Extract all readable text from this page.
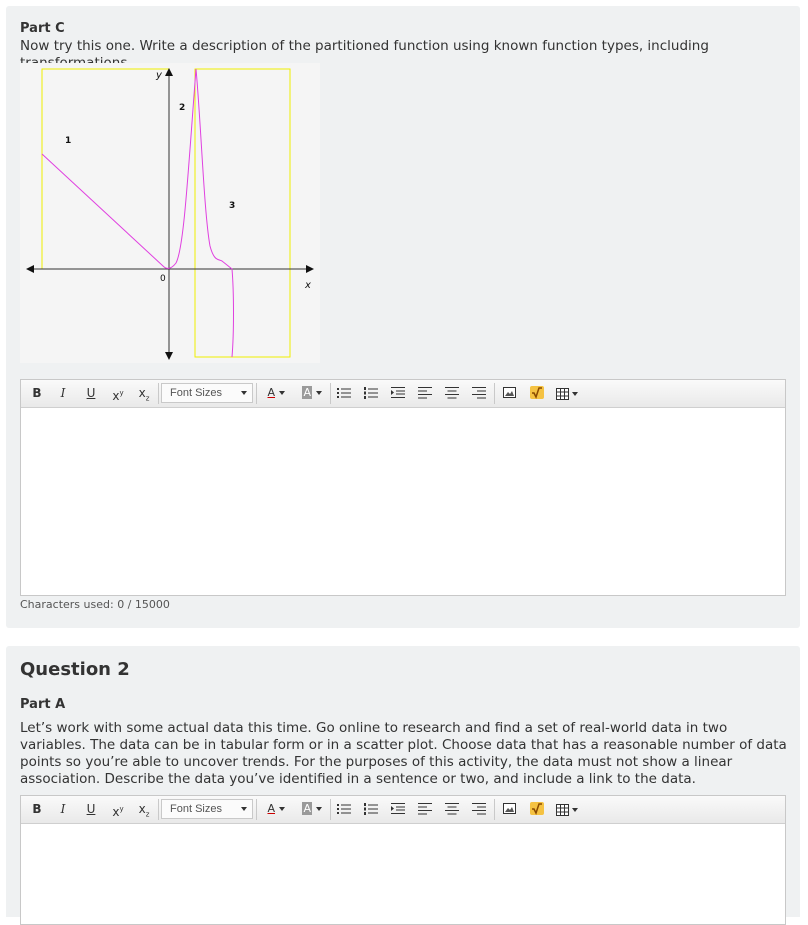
Part C
Now try this one. Write a description of the partitioned function using known function types, including
y
x
0
1
2
3
B	I	U	$x^y$	$x_z$	Font Sizes	A	A

Characters used: 0 / 15000
Question 2
Part A
Let’s work with some actual data this time. Go online to research and find a set of real-world data in two variables. The data can be in tabular form or in a scatter plot. Choose data that has a reasonable number of data points so you’re able to uncover trends. For the purposes of this activity, the data must not show a linear association. Describe the data you’ve identified in a sentence or two, and include a link to the data.
B	I	U	$x^y$	$x_z$	Font Sizes	A	A
